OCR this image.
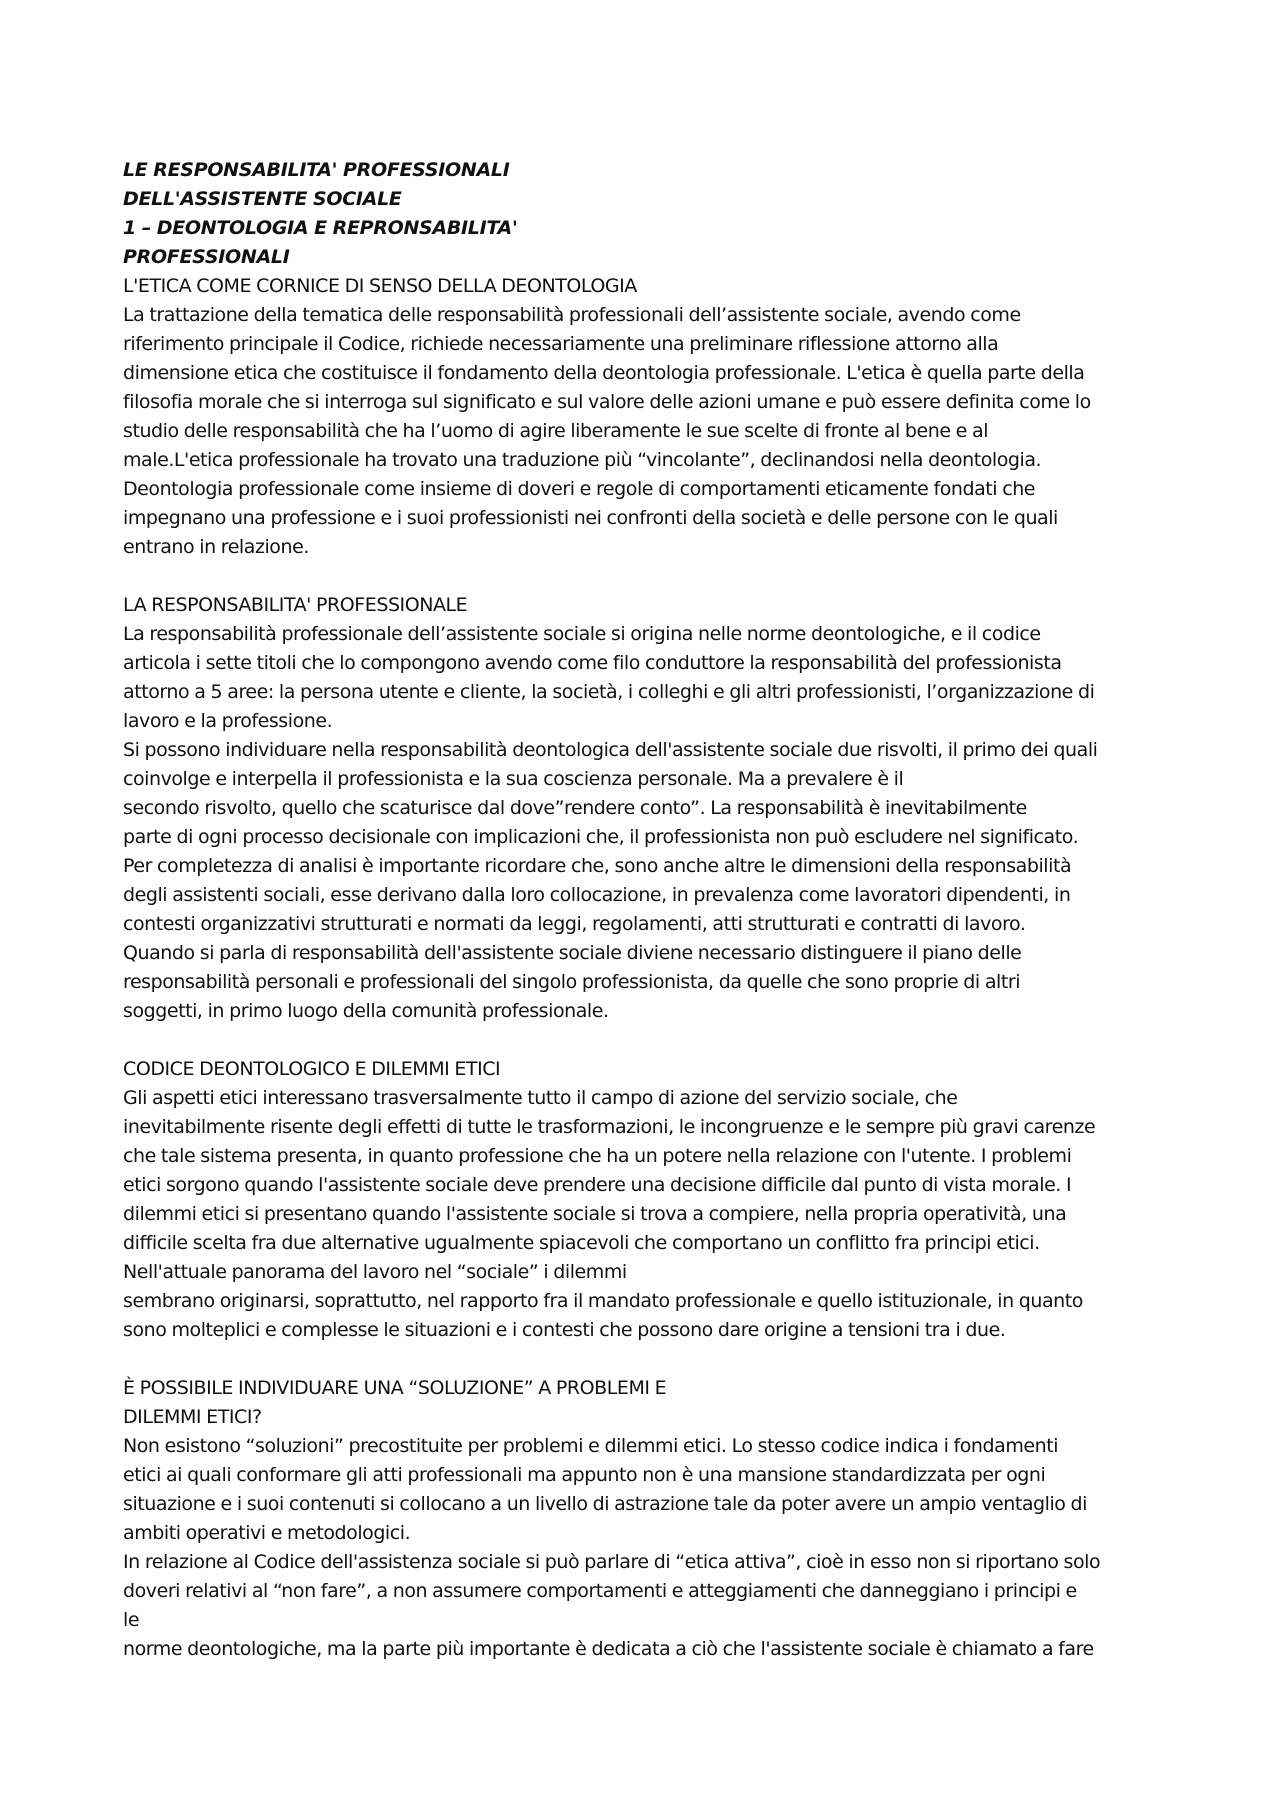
LE RESPONSABILITA' PROFESSIONALI
DELL'ASSISTENTE SOCIALE
1 – DEONTOLOGIA E REPRONSABILITA'
PROFESSIONALI
L'ETICA COME CORNICE DI SENSO DELLA DEONTOLOGIA
La trattazione della tematica delle responsabilità professionali dell’assistente sociale, avendo come
riferimento principale il Codice, richiede necessariamente una preliminare riflessione attorno alla
dimensione etica che costituisce il fondamento della deontologia professionale. L'etica è quella parte della
filosofia morale che si interroga sul significato e sul valore delle azioni umane e può essere definita come lo
studio delle responsabilità che ha l’uomo di agire liberamente le sue scelte di fronte al bene e al
male.L'etica professionale ha trovato una traduzione più “vincolante”, declinandosi nella deontologia.
Deontologia professionale come insieme di doveri e regole di comportamenti eticamente fondati che
impegnano una professione e i suoi professionisti nei confronti della società e delle persone con le quali
entrano in relazione.
LA RESPONSABILITA' PROFESSIONALE
La responsabilità professionale dell’assistente sociale si origina nelle norme deontologiche, e il codice
articola i sette titoli che lo compongono avendo come filo conduttore la responsabilità del professionista
attorno a 5 aree: la persona utente e cliente, la società, i colleghi e gli altri professionisti, l’organizzazione di
lavoro e la professione.
Si possono individuare nella responsabilità deontologica dell'assistente sociale due risvolti, il primo dei quali
coinvolge e interpella il professionista e la sua coscienza personale. Ma a prevalere è il
secondo risvolto, quello che scaturisce dal dove”rendere conto”. La responsabilità è inevitabilmente
parte di ogni processo decisionale con implicazioni che, il professionista non può escludere nel significato.
Per completezza di analisi è importante ricordare che, sono anche altre le dimensioni della responsabilità
degli assistenti sociali, esse derivano dalla loro collocazione, in prevalenza come lavoratori dipendenti, in
contesti organizzativi strutturati e normati da leggi, regolamenti, atti strutturati e contratti di lavoro.
Quando si parla di responsabilità dell'assistente sociale diviene necessario distinguere il piano delle
responsabilità personali e professionali del singolo professionista, da quelle che sono proprie di altri
soggetti, in primo luogo della comunità professionale.
CODICE DEONTOLOGICO E DILEMMI ETICI
Gli aspetti etici interessano trasversalmente tutto il campo di azione del servizio sociale, che
inevitabilmente risente degli effetti di tutte le trasformazioni, le incongruenze e le sempre più gravi carenze
che tale sistema presenta, in quanto professione che ha un potere nella relazione con l'utente. I problemi
etici sorgono quando l'assistente sociale deve prendere una decisione difficile dal punto di vista morale. I
dilemmi etici si presentano quando l'assistente sociale si trova a compiere, nella propria operatività, una
difficile scelta fra due alternative ugualmente spiacevoli che comportano un conflitto fra principi etici.
Nell'attuale panorama del lavoro nel “sociale” i dilemmi
sembrano originarsi, soprattutto, nel rapporto fra il mandato professionale e quello istituzionale, in quanto
sono molteplici e complesse le situazioni e i contesti che possono dare origine a tensioni tra i due.
È POSSIBILE INDIVIDUARE UNA “SOLUZIONE” A PROBLEMI E
DILEMMI ETICI?
Non esistono “soluzioni” precostituite per problemi e dilemmi etici. Lo stesso codice indica i fondamenti
etici ai quali conformare gli atti professionali ma appunto non è una mansione standardizzata per ogni
situazione e i suoi contenuti si collocano a un livello di astrazione tale da poter avere un ampio ventaglio di
ambiti operativi e metodologici.
In relazione al Codice dell'assistenza sociale si può parlare di “etica attiva”, cioè in esso non si riportano solo
doveri relativi al “non fare”, a non assumere comportamenti e atteggiamenti che danneggiano i principi e
le
norme deontologiche, ma la parte più importante è dedicata a ciò che l'assistente sociale è chiamato a fare
